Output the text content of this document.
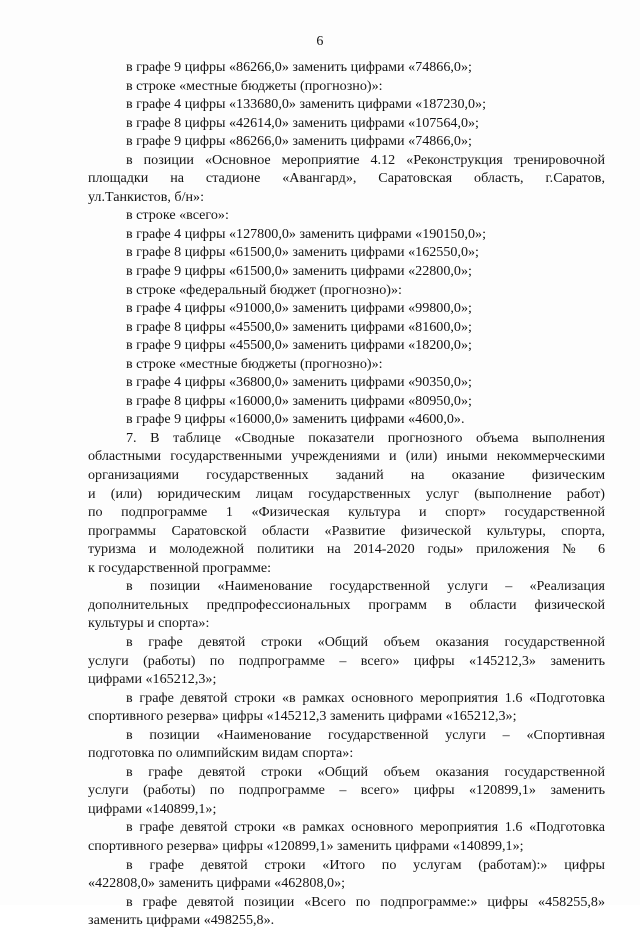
6

в графе 9 цифры «86266,0» заменить цифрами «74866,0»;

в строке «местные бюджеты (прогнозно)»:

в графе 4 цифры «133680,0» заменить цифрами «187230,0»;

в графе 8 цифры «42614,0» заменить цифрами «107564,0»;

в графе 9 цифры «86266,0» заменить цифрами «74866,0»;

в позиции «Основное мероприятие 4.12 «Реконструкция тренировочной

площадки на стадионе «Авангард», Саратовская область, г.Саратов,

ул.Танкистов, б/н»:

в строке «всего»:

в графе 4 цифры «127800,0» заменить цифрами «190150,0»;

в графе 8 цифры «61500,0» заменить цифрами «162550,0»;

в графе 9 цифры «61500,0» заменить цифрами «22800,0»;

в строке «федеральный бюджет (прогнозно)»:

в графе 4 цифры «91000,0» заменить цифрами «99800,0»;

в графе 8 цифры «45500,0» заменить цифрами «81600,0»;

в графе 9 цифры «45500,0» заменить цифрами «18200,0»;

в строке «местные бюджеты (прогнозно)»:

в графе 4 цифры «36800,0» заменить цифрами «90350,0»;

в графе 8 цифры «16000,0» заменить цифрами «80950,0»;

в графе 9 цифры «16000,0» заменить цифрами «4600,0».

7. В таблице «Сводные показатели прогнозного объема выполнения

областными государственными учреждениями и (или) иными некоммерческими

организациями государственных заданий на оказание физическим

и (или) юридическим лицам государственных услуг (выполнение работ)

по подпрограмме 1 «Физическая культура и спорт» государственной

программы Саратовской области «Развитие физической культуры, спорта,

туризма и молодежной политики на 2014-2020 годы» приложения № 6

к государственной программе:

в позиции «Наименование государственной услуги – «Реализация

дополнительных предпрофессиональных программ в области физической

культуры и спорта»:

в графе девятой строки «Общий объем оказания государственной

услуги (работы) по подпрограмме – всего» цифры «145212,3» заменить

цифрами «165212,3»;

в графе девятой строки «в рамках основного мероприятия 1.6 «Подготовка

спортивного резерва» цифры «145212,3 заменить цифрами «165212,3»;

в позиции «Наименование государственной услуги – «Спортивная

подготовка по олимпийским видам спорта»:

в графе девятой строки «Общий объем оказания государственной

услуги (работы) по подпрограмме – всего» цифры «120899,1» заменить

цифрами «140899,1»;

в графе девятой строки «в рамках основного мероприятия 1.6 «Подготовка

спортивного резерва» цифры «120899,1» заменить цифрами «140899,1»;

в графе девятой строки «Итого по услугам (работам):» цифры

«422808,0» заменить цифрами «462808,0»;

в графе девятой позиции «Всего по подпрограмме:» цифры «458255,8»

заменить цифрами «498255,8».
